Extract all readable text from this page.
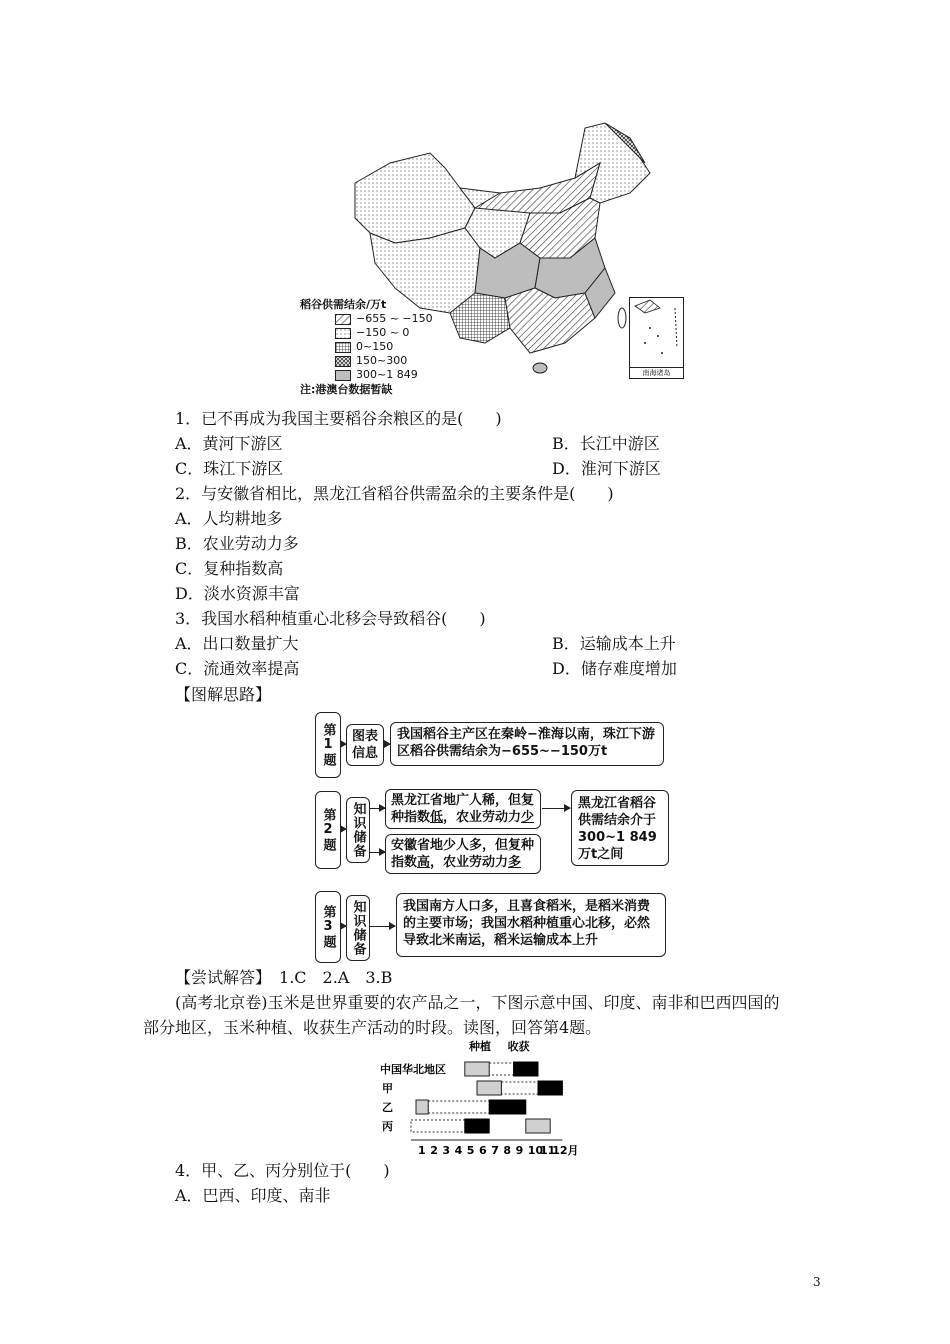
稻谷供需结余/万t
−655 ~ −150
−150 ~ 0
0~150
150~300
300~1 849
注:港澳台数据暂缺
南海诸岛
1．已不再成为我国主要稻谷余粮区的是(　　)
A．黄河下游区	B．长江中游区
C．珠江下游区	D．淮河下游区
2．与安徽省相比，黑龙江省稻谷供需盈余的主要条件是(　　)
A．人均耕地多
B．农业劳动力多
C．复种指数高
D．淡水资源丰富
3．我国水稻种植重心北移会导致稻谷(　　)
A．出口数量扩大	B．运输成本上升
C．流通效率提高	D．储存难度增加
【图解思路】
第1题	图表信息
我国稻谷主产区在秦岭−淮海以南，珠江下游
区稻谷供需结余为−655~−150万t
第2题	知识储备
黑龙江省地广人稀，但复种指数低，农业劳动力少
安徽省地少人多，但复种指数高，农业劳动力多
黑龙江省稻谷供需结余介于300~1 849万t之间
第3题	知识储备	我国南方人口多，且喜食稻米，是稻米消费的主要市场；我国水稻种植重心北移，必然导致北米南运，稻米运输成本上升
【尝试解答】　 1.C　2.A　3.B
(高考北京卷)玉米是世界重要的农产品之一，下图示意中国、印度、南非和巴西四国的
部分地区，玉米种植、收获生产活动的时段。读图，回答第4题。
种植 收获
中国华北地区
甲
乙
丙
1 2 3 4 5 6 7 8 9 10
11
12月
4．甲、乙、丙分别位于(　　)
A．巴西、印度、南非
3
